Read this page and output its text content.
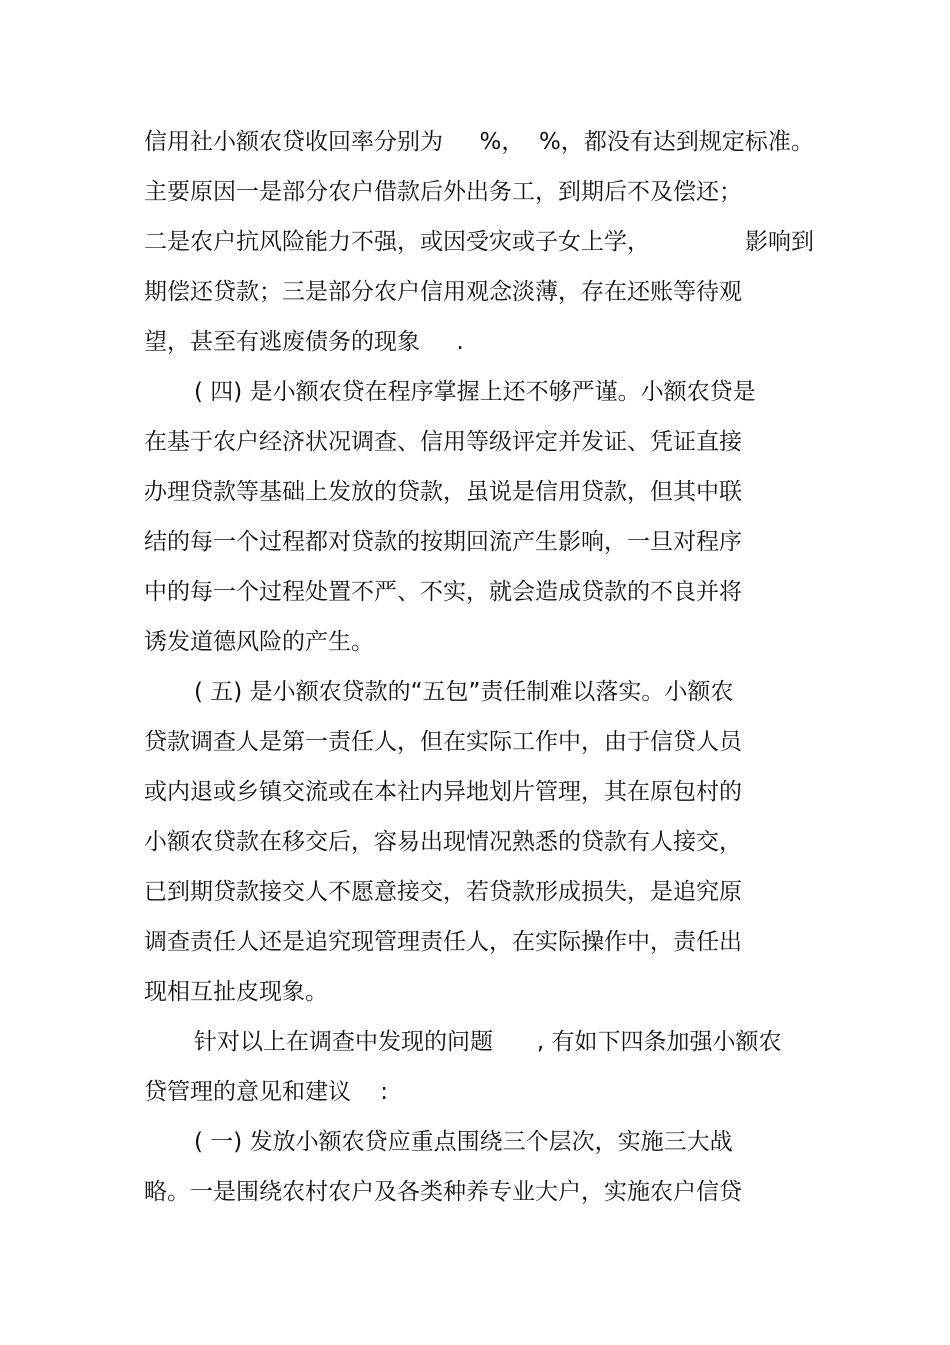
信用社小额农贷收回率分别为     %，  %，都没有达到规定标准。
主要原因一是部分农户借款后外出务工，到期后不及偿还；
二是农户抗风险能力不强，或因受灾或子女上学，             影响到
期偿还贷款；三是部分农户信用观念淡薄，存在还账等待观
望，甚至有逃废债务的现象     .
( 四) 是小额农贷在程序掌握上还不够严谨。小额农贷是
在基于农户经济状况调查、信用等级评定并发证、凭证直接
办理贷款等基础上发放的贷款，虽说是信用贷款，但其中联
结的每一个过程都对贷款的按期回流产生影响，一旦对程序
中的每一个过程处置不严、不实，就会造成贷款的不良并将
诱发道德风险的产生。
( 五) 是小额农贷款的“五包”责任制难以落实。小额农
贷款调查人是第一责任人，但在实际工作中，由于信贷人员
或内退或乡镇交流或在本社内异地划片管理，其在原包村的
小额农贷款在移交后，容易出现情况熟悉的贷款有人接交，
已到期贷款接交人不愿意接交，若贷款形成损失，是追究原
调查责任人还是追究现管理责任人，在实际操作中，责任出
现相互扯皮现象。
针对以上在调查中发现的问题      , 有如下四条加强小额农
贷管理的意见和建议    :
( 一) 发放小额农贷应重点围绕三个层次，实施三大战
略。一是围绕农村农户及各类种养专业大户，实施农户信贷
